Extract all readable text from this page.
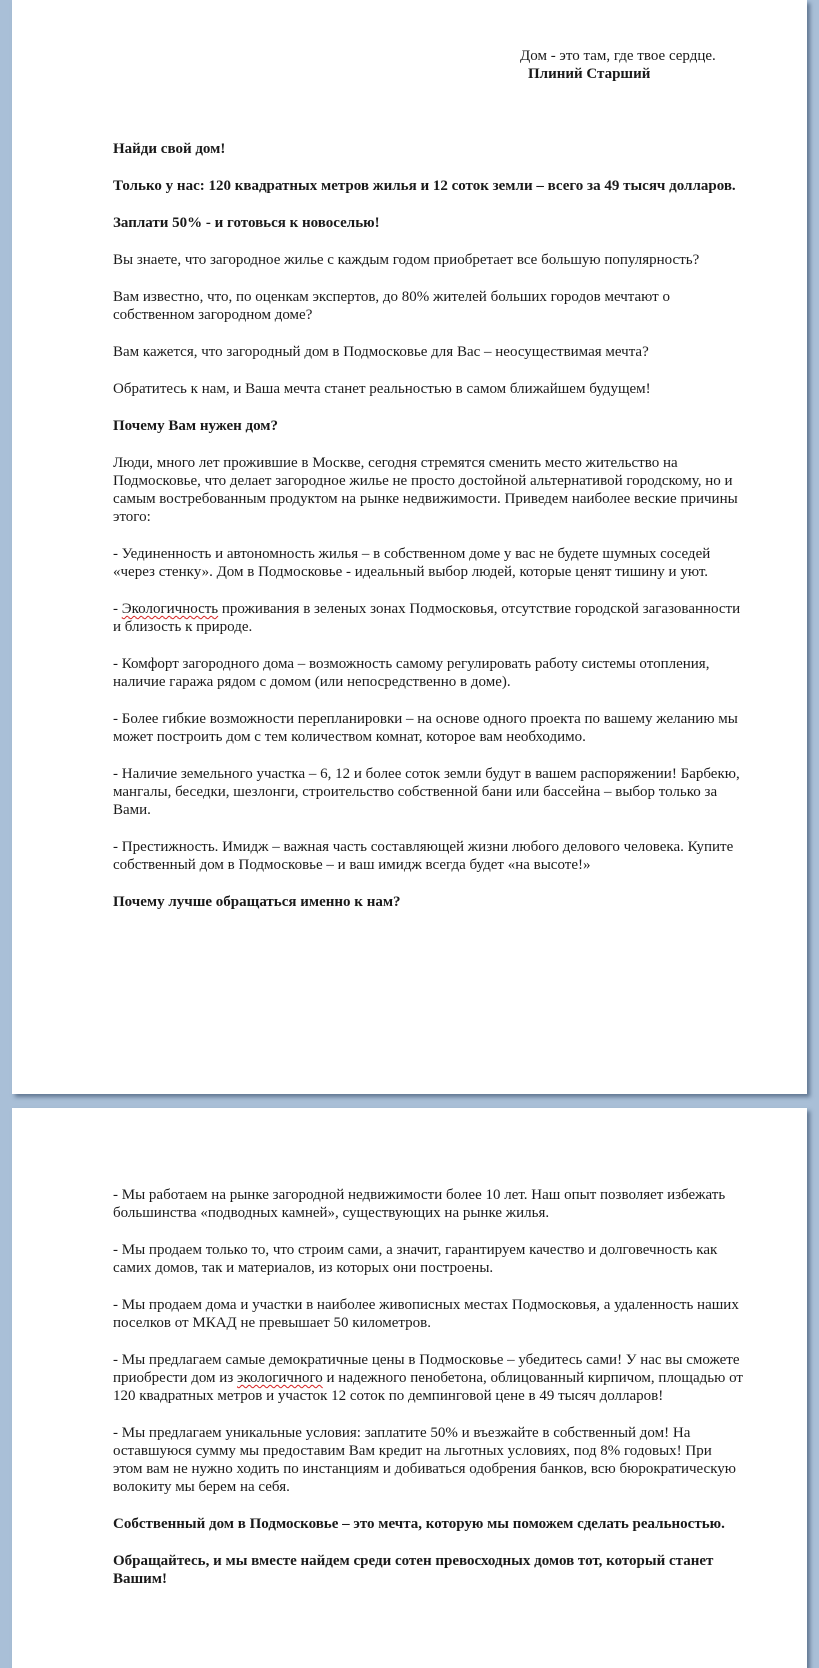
Дом - это там, где твое сердце.
Плиний Старший

Найди свой дом!

Только у нас: 120 квадратных метров жилья и 12 соток земли – всего за 49 тысяч долларов.

Заплати 50% - и готовься к новоселью!

Вы знаете, что загородное жилье с каждым годом приобретает все большую популярность?

Вам известно, что, по оценкам экспертов, до 80% жителей больших городов мечтают о собственном загородном доме?

Вам кажется, что загородный дом в Подмосковье для Вас – неосуществимая мечта?

Обратитесь к нам, и Ваша мечта станет реальностью в самом ближайшем будущем!

Почему Вам нужен дом?

Люди, много лет прожившие в Москве, сегодня стремятся сменить место жительство на Подмосковье, что делает загородное жилье не просто достойной альтернативой городскому, но и самым востребованным продуктом на рынке недвижимости. Приведем наиболее веские причины этого:

- Уединенность и автономность жилья – в собственном доме у вас не будете шумных соседей «через стенку». Дом в Подмосковье - идеальный выбор людей, которые ценят тишину и уют.

- Экологичность проживания в зеленых зонах Подмосковья, отсутствие городской загазованности и близость к природе.

- Комфорт загородного дома – возможность самому регулировать работу системы отопления, наличие гаража рядом с домом (или непосредственно в доме).

- Более гибкие возможности перепланировки – на основе одного проекта по вашему желанию мы может построить дом с тем количеством комнат, которое вам необходимо.

- Наличие земельного участка – 6, 12 и более соток земли будут в вашем распоряжении! Барбекю, мангалы, беседки, шезлонги, строительство собственной бани или бассейна – выбор только за Вами.

- Престижность. Имидж – важная часть составляющей жизни любого делового человека. Купите собственный дом в Подмосковье – и ваш имидж всегда будет «на высоте!»

Почему лучше обращаться именно к нам?

- Мы работаем на рынке загородной недвижимости более 10 лет. Наш опыт позволяет избежать большинства «подводных камней», существующих на рынке жилья.

- Мы продаем только то, что строим сами, а значит, гарантируем качество и долговечность как самих домов, так и материалов, из которых они построены.

- Мы продаем дома и участки в наиболее живописных местах Подмосковья, а удаленность наших поселков от МКАД не превышает 50 километров.

- Мы предлагаем самые демократичные цены в Подмосковье – убедитесь сами! У нас вы сможете приобрести дом из экологичного и надежного пенобетона, облицованный кирпичом, площадью от 120 квадратных метров и участок 12 соток по демпинговой цене в 49 тысяч долларов!

- Мы предлагаем уникальные условия: заплатите 50% и въезжайте в собственный дом! На оставшуюся сумму мы предоставим Вам кредит на льготных условиях, под 8% годовых! При этом вам не нужно ходить по инстанциям и добиваться одобрения банков, всю бюрократическую волокиту мы берем на себя.

Собственный дом в Подмосковье – это мечта, которую мы поможем сделать реальностью.

Обращайтесь, и мы вместе найдем среди сотен превосходных домов тот, который станет Вашим!
